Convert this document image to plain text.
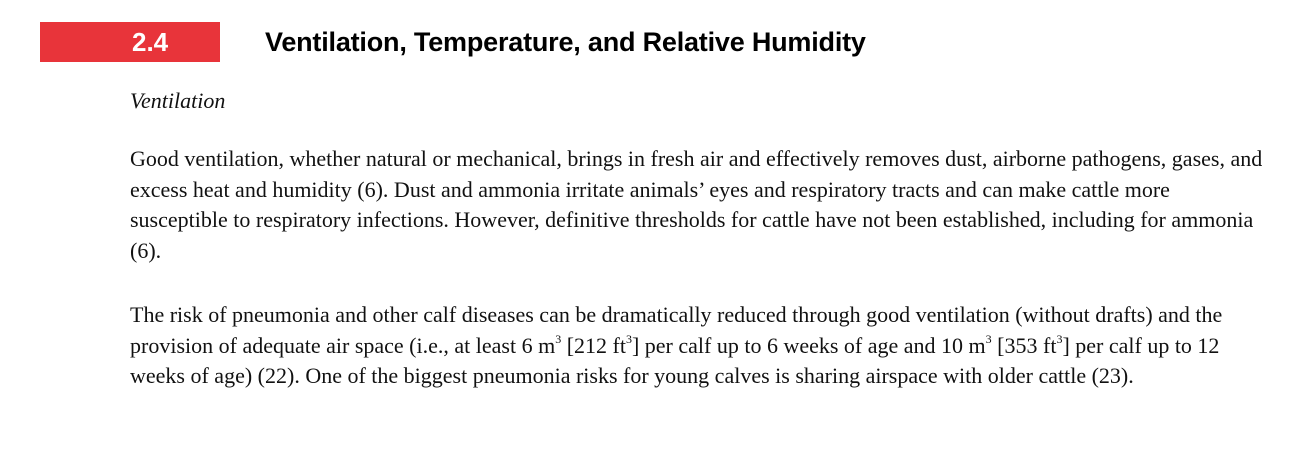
2.4	Ventilation, Temperature, and Relative Humidity
Ventilation

Good ventilation, whether natural or mechanical, brings in fresh air and effectively removes dust, airborne pathogens, gases, and excess heat and humidity (6). Dust and ammonia irritate animals’ eyes and respiratory tracts and can make cattle more susceptible to respiratory infections. However, definitive thresholds for cattle have not been established, including for ammonia (6).

The risk of pneumonia and other calf diseases can be dramatically reduced through good ventilation (without drafts) and the provision of adequate air space (i.e., at least 6 $m^3$ [212 $ft^3$] per calf up to 6 weeks of age and 10 $m^3$ [353 $ft^3$] per calf up to 12 weeks of age) (22). One of the biggest pneumonia risks for young calves is sharing airspace with older cattle (23).
